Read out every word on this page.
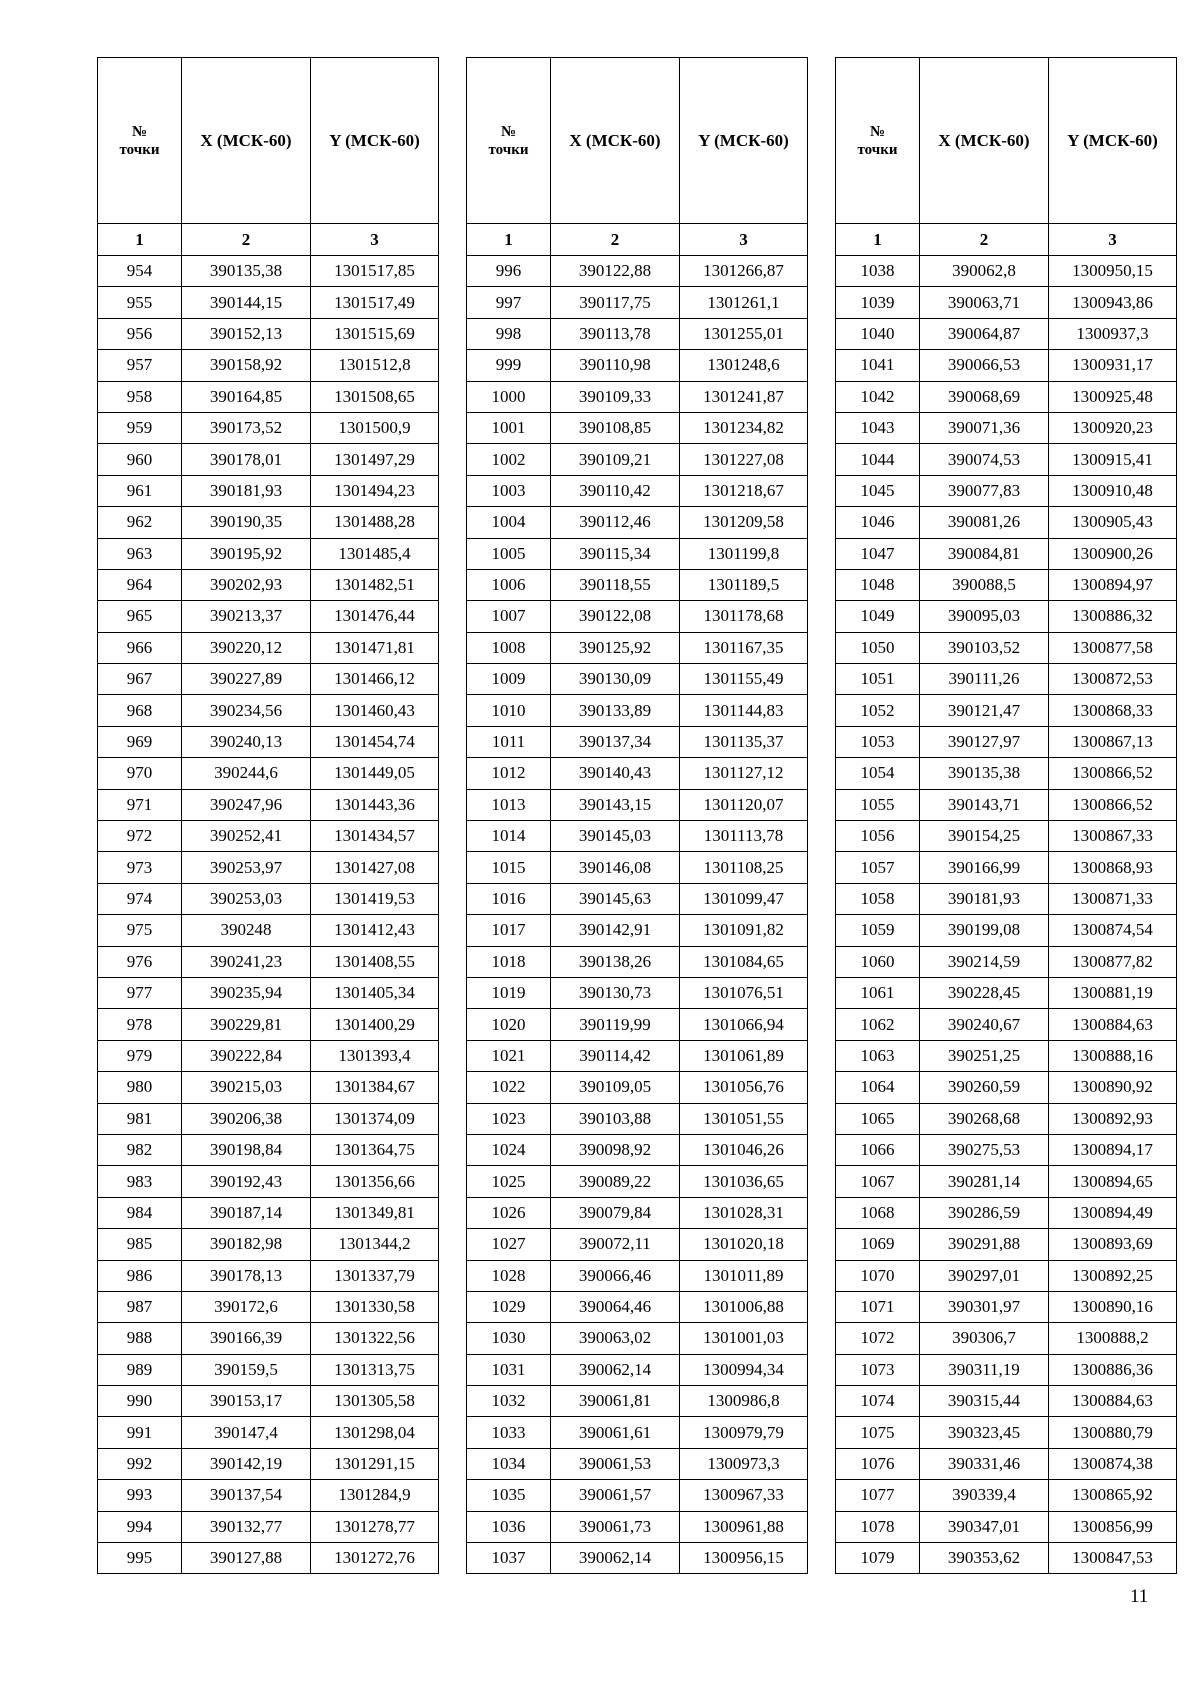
№
точки	X (МСК-60)	Y (МСК-60)
1	2	3
954	390135,38	1301517,85
955	390144,15	1301517,49
956	390152,13	1301515,69
957	390158,92	1301512,8
958	390164,85	1301508,65
959	390173,52	1301500,9
960	390178,01	1301497,29
961	390181,93	1301494,23
962	390190,35	1301488,28
963	390195,92	1301485,4
964	390202,93	1301482,51
965	390213,37	1301476,44
966	390220,12	1301471,81
967	390227,89	1301466,12
968	390234,56	1301460,43
969	390240,13	1301454,74
970	390244,6	1301449,05
971	390247,96	1301443,36
972	390252,41	1301434,57
973	390253,97	1301427,08
974	390253,03	1301419,53
975	390248	1301412,43
976	390241,23	1301408,55
977	390235,94	1301405,34
978	390229,81	1301400,29
979	390222,84	1301393,4
980	390215,03	1301384,67
981	390206,38	1301374,09
982	390198,84	1301364,75
983	390192,43	1301356,66
984	390187,14	1301349,81
985	390182,98	1301344,2
986	390178,13	1301337,79
987	390172,6	1301330,58
988	390166,39	1301322,56
989	390159,5	1301313,75
990	390153,17	1301305,58
991	390147,4	1301298,04
992	390142,19	1301291,15
993	390137,54	1301284,9
994	390132,77	1301278,77
995	390127,88	1301272,76
№
точки	X (МСК-60)	Y (МСК-60)
1	2	3
996	390122,88	1301266,87
997	390117,75	1301261,1
998	390113,78	1301255,01
999	390110,98	1301248,6
1000	390109,33	1301241,87
1001	390108,85	1301234,82
1002	390109,21	1301227,08
1003	390110,42	1301218,67
1004	390112,46	1301209,58
1005	390115,34	1301199,8
1006	390118,55	1301189,5
1007	390122,08	1301178,68
1008	390125,92	1301167,35
1009	390130,09	1301155,49
1010	390133,89	1301144,83
1011	390137,34	1301135,37
1012	390140,43	1301127,12
1013	390143,15	1301120,07
1014	390145,03	1301113,78
1015	390146,08	1301108,25
1016	390145,63	1301099,47
1017	390142,91	1301091,82
1018	390138,26	1301084,65
1019	390130,73	1301076,51
1020	390119,99	1301066,94
1021	390114,42	1301061,89
1022	390109,05	1301056,76
1023	390103,88	1301051,55
1024	390098,92	1301046,26
1025	390089,22	1301036,65
1026	390079,84	1301028,31
1027	390072,11	1301020,18
1028	390066,46	1301011,89
1029	390064,46	1301006,88
1030	390063,02	1301001,03
1031	390062,14	1300994,34
1032	390061,81	1300986,8
1033	390061,61	1300979,79
1034	390061,53	1300973,3
1035	390061,57	1300967,33
1036	390061,73	1300961,88
1037	390062,14	1300956,15
№
точки	X (МСК-60)	Y (МСК-60)
1	2	3
1038	390062,8	1300950,15
1039	390063,71	1300943,86
1040	390064,87	1300937,3
1041	390066,53	1300931,17
1042	390068,69	1300925,48
1043	390071,36	1300920,23
1044	390074,53	1300915,41
1045	390077,83	1300910,48
1046	390081,26	1300905,43
1047	390084,81	1300900,26
1048	390088,5	1300894,97
1049	390095,03	1300886,32
1050	390103,52	1300877,58
1051	390111,26	1300872,53
1052	390121,47	1300868,33
1053	390127,97	1300867,13
1054	390135,38	1300866,52
1055	390143,71	1300866,52
1056	390154,25	1300867,33
1057	390166,99	1300868,93
1058	390181,93	1300871,33
1059	390199,08	1300874,54
1060	390214,59	1300877,82
1061	390228,45	1300881,19
1062	390240,67	1300884,63
1063	390251,25	1300888,16
1064	390260,59	1300890,92
1065	390268,68	1300892,93
1066	390275,53	1300894,17
1067	390281,14	1300894,65
1068	390286,59	1300894,49
1069	390291,88	1300893,69
1070	390297,01	1300892,25
1071	390301,97	1300890,16
1072	390306,7	1300888,2
1073	390311,19	1300886,36
1074	390315,44	1300884,63
1075	390323,45	1300880,79
1076	390331,46	1300874,38
1077	390339,4	1300865,92
1078	390347,01	1300856,99
1079	390353,62	1300847,53
11
